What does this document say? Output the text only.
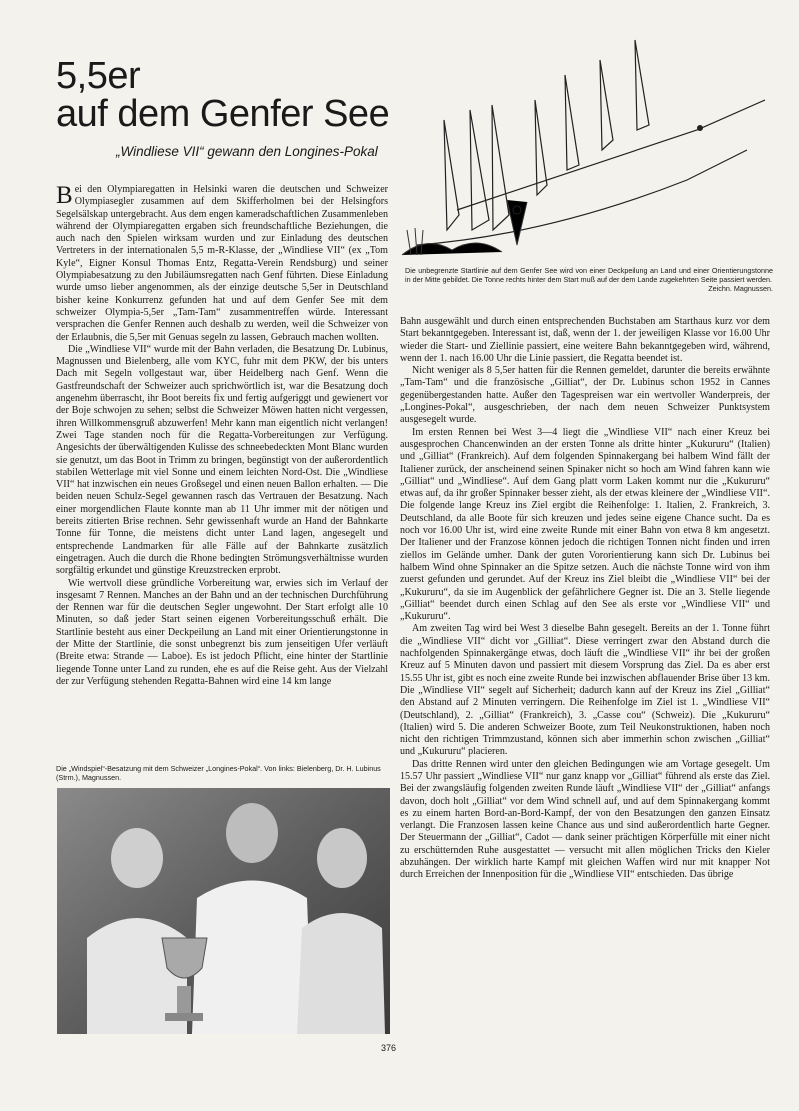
5,5er
auf dem Genfer See

„Windliese VII“ gewann den Longines-Pokal

Bei den Olympiaregatten in Helsinki waren die deutschen und Schweizer Olympiasegler zusammen auf dem Skifferholmen bei der Helsingfors Segelsälskap untergebracht. Aus dem engen kameradschaftlichen Zusammenleben während der Olympiaregatten ergaben sich freundschaftliche Beziehungen, die auch nach den Spielen wirksam wurden und zur Einladung des deutschen Vertreters in der internationalen 5,5 m-R-Klasse, der „Windliese VII“ (ex „Tom Kyle“, Eigner Konsul Thomas Entz, Regatta-Verein Rendsburg) und seiner Olympiabesatzung zu den Jubiläumsregatten nach Genf führten. Diese Einladung wurde umso lieber angenommen, als der einzige deutsche 5,5er in Deutschland bisher keine Konkurrenz gefunden hat und auf dem Genfer See mit dem schweizer Olympia-5,5er „Tam-Tam“ zusammentreffen würde. Interessant versprachen die Genfer Rennen auch deshalb zu werden, weil die Schweizer von der Erlaubnis, die 5,5er mit Genuas segeln zu lassen, Gebrauch machen wollten.

Die „Windliese VII“ wurde mit der Bahn verladen, die Besatzung Dr. Lubinus, Magnussen und Bielenberg, alle vom KYC, fuhr mit dem PKW, der bis unters Dach mit Segeln vollgestaut war, über Heidelberg nach Genf. Wenn die Gastfreundschaft der Schweizer auch sprichwörtlich ist, war die Besatzung doch angenehm überrascht, ihr Boot bereits fix und fertig aufgeriggt und gewienert vor der Boje schwojen zu sehen; selbst die Schweizer Möwen hatten nicht vergessen, ihren Willkommensgruß abzuwerfen! Mehr kann man eigentlich nicht verlangen! Zwei Tage standen noch für die Regatta-Vorbereitungen zur Verfügung. Angesichts der überwältigenden Kulisse des schneebedeckten Mont Blanc wurden sie genutzt, um das Boot in Trimm zu bringen, begünstigt von der außerordentlich stabilen Wetterlage mit viel Sonne und einem leichten Nord-Ost. Die „Windliese VII“ hat inzwischen ein neues Großsegel und einen neuen Ballon erhalten. — Die beiden neuen Schulz-Segel gewannen rasch das Vertrauen der Besatzung. Nach einer morgendlichen Flaute konnte man ab 11 Uhr immer mit der nötigen und bereits zitierten Brise rechnen. Sehr gewissenhaft wurde an Hand der Bahnkarte Tonne für Tonne, die meistens dicht unter Land lagen, angesegelt und entsprechende Landmarken für alle Fälle auf der Bahnkarte zusätzlich eingetragen. Auch die durch die Rhone bedingten Strömungsverhältnisse wurden sorgfältig erkundet und günstige Kreuzstrecken erprobt.

Wie wertvoll diese gründliche Vorbereitung war, erwies sich im Verlauf der insgesamt 7 Rennen. Manches an der Bahn und an der technischen Durchführung der Rennen war für die deutschen Segler ungewohnt. Der Start erfolgt alle 10 Minuten, so daß jeder Start seinen eigenen Vorbereitungsschuß erhält. Die Startlinie besteht aus einer Deckpeilung an Land mit einer Orientierungstonne in der Mitte der Startlinie, die sonst unbegrenzt bis zum jenseitigen Ufer verläuft (Breite etwa: Strande — Laboe). Es ist jedoch Pflicht, eine hinter der Startlinie liegende Tonne unter Land zu runden, ehe es auf die Reise geht. Aus der Vielzahl der zur Verfügung stehenden Regatta-Bahnen wird eine 14 km lange

Die „Windspiel“-Besatzung mit dem Schweizer „Longines-Pokal“. Von links: Bielenberg, Dr. H. Lubinus (Strm.), Magnussen.

Die unbegrenzte Startlinie auf dem Genfer See wird von einer Deckpeilung an Land und einer Orientierungstonne in der Mitte gebildet. Die Tonne rechts hinter dem Start muß auf der dem Lande zugekehrten Seite passiert werden.
Zeichn. Magnussen.

Bahn ausgewählt und durch einen entsprechenden Buchstaben am Starthaus kurz vor dem Start bekanntgegeben. Interessant ist, daß, wenn der 1. der jeweiligen Klasse vor 16.00 Uhr wieder die Start- und Ziellinie passiert, eine weitere Bahn bekanntgegeben wird, während, wenn der 1. nach 16.00 Uhr die Linie passiert, die Regatta beendet ist.

Nicht weniger als 8 5,5er hatten für die Rennen gemeldet, darunter die bereits erwähnte „Tam-Tam“ und die französische „Gilliat“, der Dr. Lubinus schon 1952 in Cannes gegenübergestanden hatte. Außer den Tagespreisen war ein wertvoller Wanderpreis, der „Longines-Pokal“, ausgeschrieben, der nach dem neuen Schweizer Punktsystem ausgesegelt wurde.

Im ersten Rennen bei West 3—4 liegt die „Windliese VII“ nach einer Kreuz bei ausgesprochen Chancenwinden an der ersten Tonne als dritte hinter „Kukururu“ (Italien) und „Gilliat“ (Frankreich). Auf dem folgenden Spinnakergang bei halbem Wind fällt der Italiener zurück, der anscheinend seinen Spinaker nicht so hoch am Wind fahren kann wie „Gilliat“ und „Windliese“. Auf dem Gang platt vorm Laken kommt nur die „Kukururu“ etwas auf, da ihr großer Spinnaker besser zieht, als der etwas kleinere der „Windliese VII“. Die folgende lange Kreuz ins Ziel ergibt die Reihenfolge: 1. Italien, 2. Frankreich, 3. Deutschland, da alle Boote für sich kreuzen und jedes seine eigene Chance sucht. Da es noch vor 16.00 Uhr ist, wird eine zweite Runde mit einer Bahn von etwa 8 km angesetzt. Der Italiener und der Franzose können jedoch die richtigen Tonnen nicht finden und irren ziellos im Gelände umher. Dank der guten Vororientierung kann sich Dr. Lubinus bei halbem Wind ohne Spinnaker an die Spitze setzen. Auch die nächste Tonne wird von ihm zuerst gefunden und gerundet. Auf der Kreuz ins Ziel bleibt die „Windliese VII“ bei der „Kukururu“, da sie im Augenblick der gefährlichere Gegner ist. Die an 3. Stelle liegende „Gilliat“ beendet durch einen Schlag auf den See als erste vor „Windliese VII“ und „Kukururu“.

Am zweiten Tag wird bei West 3 dieselbe Bahn gesegelt. Bereits an der 1. Tonne führt die „Windliese VII“ dicht vor „Gilliat“. Diese verringert zwar den Abstand durch die nachfolgenden Spinnakergänge etwas, doch läuft die „Windliese VII“ ihr bei der großen Kreuz auf 5 Minuten davon und passiert mit diesem Vorsprung das Ziel. Da es aber erst 15.55 Uhr ist, gibt es noch eine zweite Runde bei inzwischen abflauender Brise über 13 km. Die „Windliese VII“ segelt auf Sicherheit; dadurch kann auf der Kreuz ins Ziel „Gilliat“ den Abstand auf 2 Minuten verringern. Die Reihenfolge im Ziel ist 1. „Windliese VII“ (Deutschland), 2. „Gilliat“ (Frankreich), 3. „Casse cou“ (Schweiz). Die „Kukururu“ (Italien) wird 5. Die anderen Schweizer Boote, zum Teil Neukonstruktionen, haben noch nicht den richtigen Trimmzustand, können sich aber immerhin schon zwischen „Gilliat“ und „Kukururu“ placieren.

Das dritte Rennen wird unter den gleichen Bedingungen wie am Vortage gesegelt. Um 15.57 Uhr passiert „Windliese VII“ nur ganz knapp vor „Gilliat“ führend als erste das Ziel. Bei der zwangsläufig folgenden zweiten Runde läuft „Windliese VII“ der „Gilliat“ anfangs davon, doch holt „Gilliat“ vor dem Wind schnell auf, und auf dem Spinnakergang kommt es zu einem harten Bord-an-Bord-Kampf, der von den Besatzungen den ganzen Einsatz verlangt. Die Franzosen lassen keine Chance aus und sind außerordentlich harte Gegner. Der Steuermann der „Gilliat“, Cadot — dank seiner prächtigen Körperfülle mit einer nicht zu erschütternden Ruhe ausgestattet — versucht mit allen möglichen Tricks den Kieler abzuhängen. Der wirklich harte Kampf mit gleichen Waffen wird nur mit knapper Not durch Erreichen der Innenposition für die „Windliese VII“ entschieden. Das übrige

376
